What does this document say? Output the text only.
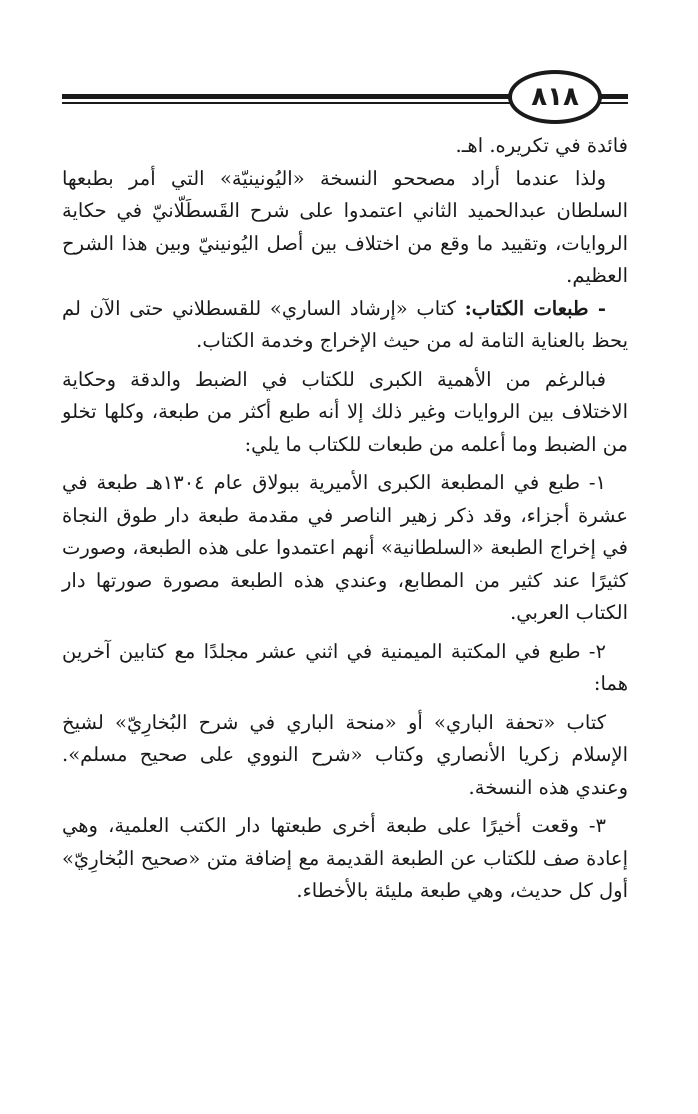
٨١٨

فائدة في تكريره. اهـ.

ولذا عندما أراد مصححو النسخة «اليُونينيّة» التي أمر بطبعها السلطان عبدالحميد الثاني اعتمدوا على شرح القَسطَلّانيّ في حكاية الروايات، وتقييد ما وقع من اختلاف بين أصل اليُونينيّ وبين هذا الشرح العظيم.

- طبعات الكتاب: كتاب «إرشاد الساري» للقسطلاني حتى الآن لم يحظ بالعناية التامة له من حيث الإخراج وخدمة الكتاب.

فبالرغم من الأهمية الكبرى للكتاب في الضبط والدقة وحكاية الاختلاف بين الروايات وغير ذلك إلا أنه طبع أكثر من طبعة، وكلها تخلو من الضبط وما أعلمه من طبعات للكتاب ما يلي:

١- طبع في المطبعة الكبرى الأميرية ببولاق عام ١٣٠٤هـ طبعة في عشرة أجزاء، وقد ذكر زهير الناصر في مقدمة طبعة دار طوق النجاة في إخراج الطبعة «السلطانية» أنهم اعتمدوا على هذه الطبعة، وصورت كثيرًا عند كثير من المطابع، وعندي هذه الطبعة مصورة صورتها دار الكتاب العربي.

٢- طبع في المكتبة الميمنية في اثني عشر مجلدًا مع كتابين آخرين هما:

كتاب «تحفة الباري» أو «منحة الباري في شرح البُخارِيّ» لشيخ الإسلام زكريا الأنصاري وكتاب «شرح النووي على صحيح مسلم». وعندي هذه النسخة.

٣- وقعت أخيرًا على طبعة أخرى طبعتها دار الكتب العلمية، وهي إعادة صف للكتاب عن الطبعة القديمة مع إضافة متن «صحيح البُخارِيّ» أول كل حديث، وهي طبعة مليئة بالأخطاء.
